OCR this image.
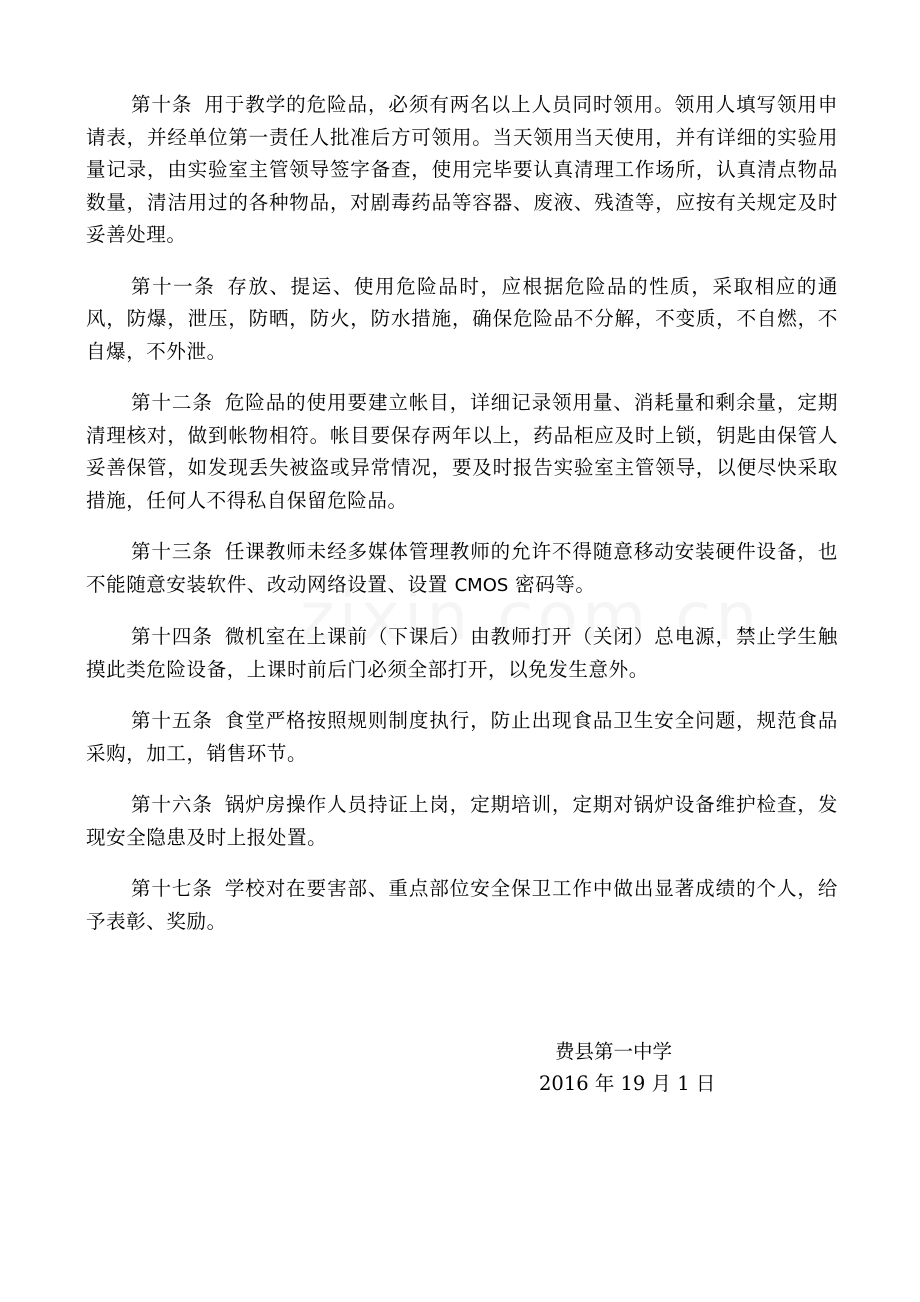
第十条 用于教学的危险品，必须有两名以上人员同时领用。领用人填写领用申请表，并经单位第一责任人批准后方可领用。当天领用当天使用，并有详细的实验用量记录，由实验室主管领导签字备查，使用完毕要认真清理工作场所，认真清点物品数量，清洁用过的各种物品，对剧毒药品等容器、废液、残渣等，应按有关规定及时妥善处理。

第十一条 存放、提运、使用危险品时，应根据危险品的性质，采取相应的通风，防爆，泄压，防晒，防火，防水措施，确保危险品不分解，不变质，不自燃，不自爆，不外泄。

第十二条 危险品的使用要建立帐目，详细记录领用量、消耗量和剩余量，定期清理核对，做到帐物相符。帐目要保存两年以上，药品柜应及时上锁，钥匙由保管人妥善保管，如发现丢失被盗或异常情况，要及时报告实验室主管领导，以便尽快采取措施，任何人不得私自保留危险品。

第十三条 任课教师未经多媒体管理教师的允许不得随意移动安装硬件设备，也不能随意安装软件、改动网络设置、设置 CMOS 密码等。

第十四条 微机室在上课前（下课后）由教师打开（关闭）总电源，禁止学生触摸此类危险设备，上课时前后门必须全部打开，以免发生意外。

第十五条 食堂严格按照规则制度执行，防止出现食品卫生安全问题，规范食品采购，加工，销售环节。

第十六条 锅炉房操作人员持证上岗，定期培训，定期对锅炉设备维护检查，发现安全隐患及时上报处置。

第十七条 学校对在要害部、重点部位安全保卫工作中做出显著成绩的个人，给予表彰、奖励。

费县第一中学
2016 年 19 月 1 日
